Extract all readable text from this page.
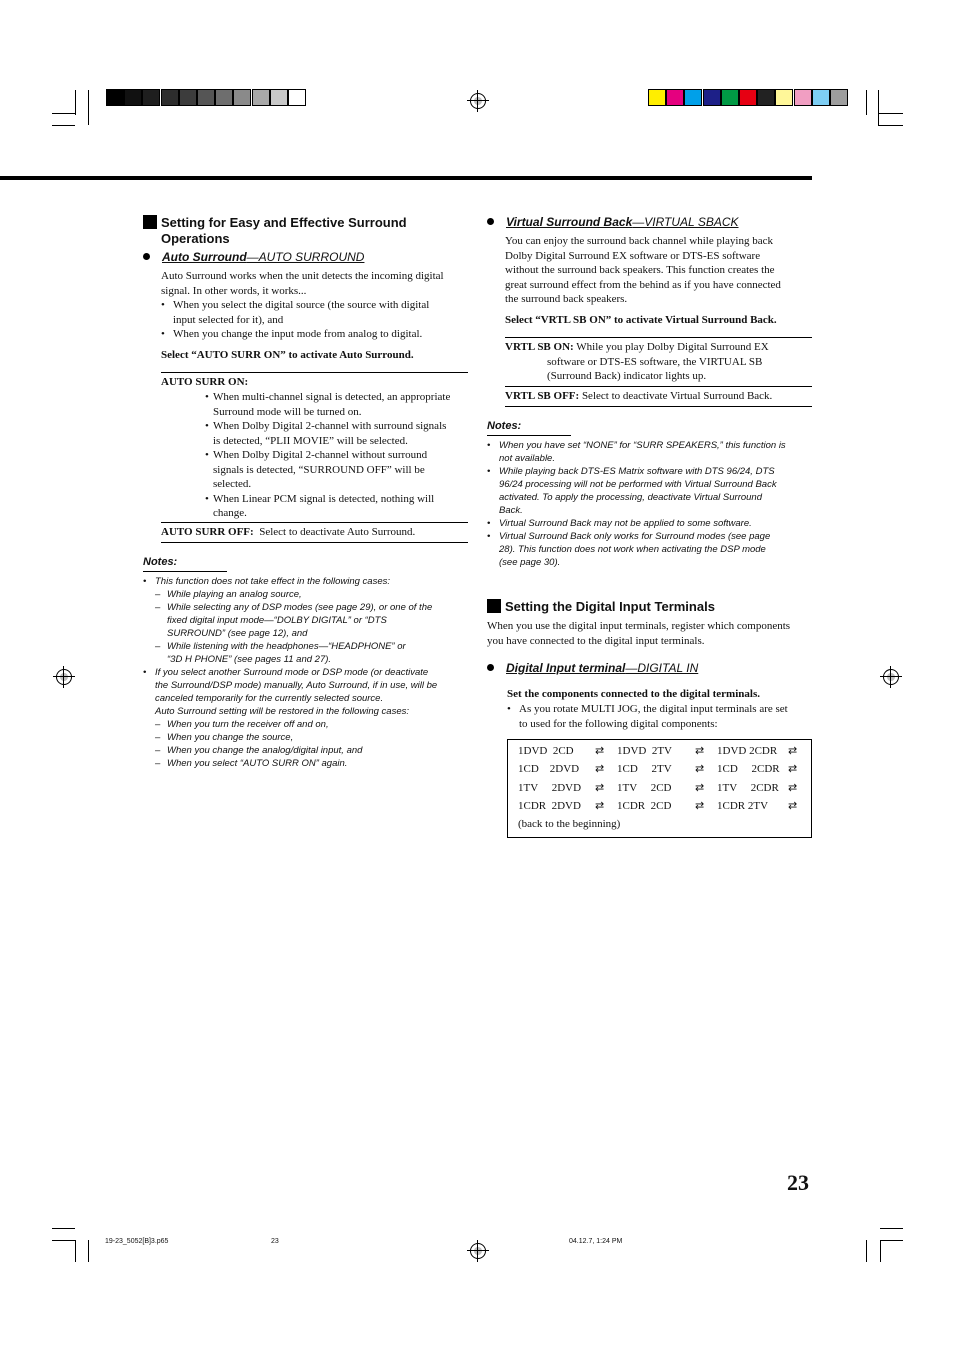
Setting for Easy and Effective Surround
Operations
Auto Surround—AUTO SURROUND
Auto Surround works when the unit detects the incoming digital
signal. In other words, it works...
• When you select the digital source (the source with digital
input selected for it), and
• When you change the input mode from analog to digital.
Select “AUTO SURR ON” to activate Auto Surround.
AUTO SURR ON:
• When multi-channel signal is detected, an appropriate
Surround mode will be turned on.
• When Dolby Digital 2-channel with surround signals
is detected, “PLII MOVIE” will be selected.
• When Dolby Digital 2-channel without surround
signals is detected, “SURROUND OFF” will be
selected.
• When Linear PCM signal is detected, nothing will
change.
AUTO SURR OFF: Select to deactivate Auto Surround.
Notes:
• This function does not take effect in the following cases:
– While playing an analog source,
– While selecting any of DSP modes (see page 29), or one of the
fixed digital input mode—“DOLBY DIGITAL” or “DTS
SURROUND” (see page 12), and
– While listening with the headphones—“HEADPHONE” or
“3D H PHONE” (see pages 11 and 27).
• If you select another Surround mode or DSP mode (or deactivate
the Surround/DSP mode) manually, Auto Surround, if in use, will be
canceled temporarily for the currently selected source.
Auto Surround setting will be restored in the following cases:
– When you turn the receiver off and on,
– When you change the source,
– When you change the analog/digital input, and
– When you select “AUTO SURR ON” again.
Virtual Surround Back—VIRTUAL SBACK
You can enjoy the surround back channel while playing back
Dolby Digital Surround EX software or DTS-ES software
without the surround back speakers. This function creates the
great surround effect from the behind as if you have connected
the surround back speakers.
Select “VRTL SB ON” to activate Virtual Surround Back.
VRTL SB ON: While you play Dolby Digital Surround EX
software or DTS-ES software, the VIRTUAL SB
(Surround Back) indicator lights up.
VRTL SB OFF: Select to deactivate Virtual Surround Back.
Notes:
• When you have set “NONE” for “SURR SPEAKERS,” this function is
not available.
• While playing back DTS-ES Matrix software with DTS 96/24, DTS
96/24 processing will not be performed with Virtual Surround Back
activated. To apply the processing, deactivate Virtual Surround
Back.
• Virtual Surround Back may not be applied to some software.
• Virtual Surround Back only works for Surround modes (see page
28). This function does not work when activating the DSP mode
(see page 30).
Setting the Digital Input Terminals
When you use the digital input terminals, register which components
you have connected to the digital input terminals.
Digital Input terminal—DIGITAL IN
Set the components connected to the digital terminals.
• As you rotate MULTI JOG, the digital input terminals are set
to used for the following digital components:
1DVD  2CD ⇄ 1DVD  2TV ⇄ 1DVD 2CDR ⇄
1CD    2DVD ⇄ 1CD     2TV ⇄ 1CD     2CDR ⇄
1TV     2DVD ⇄ 1TV     2CD ⇄ 1TV     2CDR ⇄
1CDR  2DVD ⇄ 1CDR  2CD ⇄ 1CDR 2TV ⇄
(back to the beginning)
23
19-23_5052[B]3.p65	23	04.12.7, 1:24 PM
